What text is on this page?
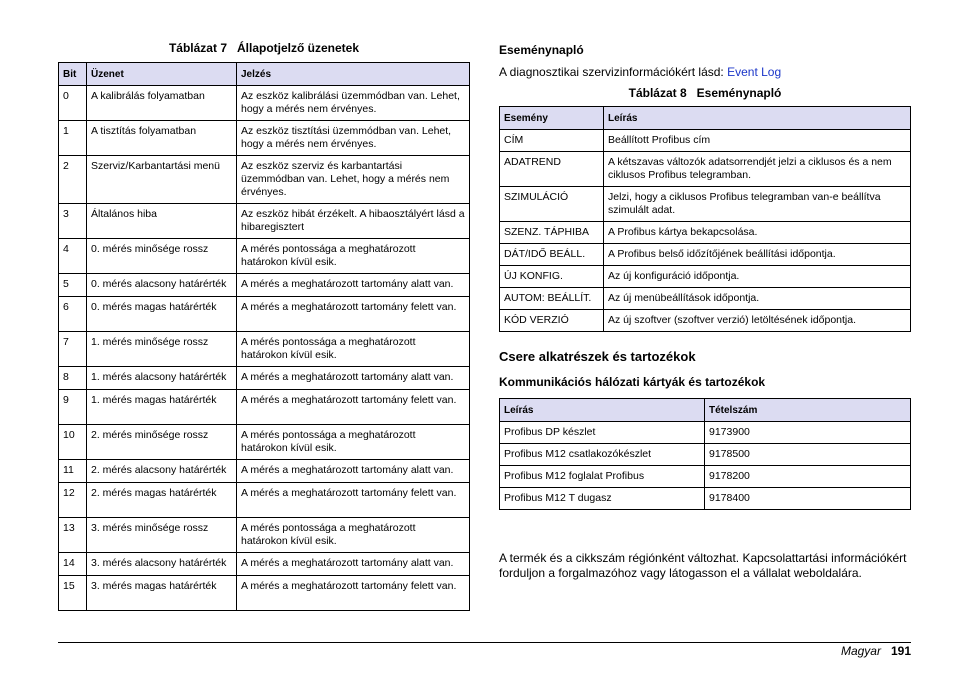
Táblázat 7   Állapotjelző üzenetek
Bit	Üzenet	Jelzés
0	A kalibrálás folyamatban	Az eszköz kalibrálási üzemmódban van. Lehet, hogy a mérés nem érvényes.
1	A tisztítás folyamatban	Az eszköz tisztítási üzemmódban van. Lehet, hogy a mérés nem érvényes.
2	Szerviz/Karbantartási menü	Az eszköz szerviz és karbantartási üzemmódban van. Lehet, hogy a mérés nem érvényes.
3	Általános hiba	Az eszköz hibát érzékelt. A hibaosztályért lásd a hibaregisztert
4	0. mérés minősége rossz	A mérés pontossága a meghatározott határokon kívül esik.
5	0. mérés alacsony határérték	A mérés a meghatározott tartomány alatt van.
6	0. mérés magas határérték	A mérés a meghatározott tartomány felett van.
7	1. mérés minősége rossz	A mérés pontossága a meghatározott határokon kívül esik.
8	1. mérés alacsony határérték	A mérés a meghatározott tartomány alatt van.
9	1. mérés magas határérték	A mérés a meghatározott tartomány felett van.
10	2. mérés minősége rossz	A mérés pontossága a meghatározott határokon kívül esik.
11	2. mérés alacsony határérték	A mérés a meghatározott tartomány alatt van.
12	2. mérés magas határérték	A mérés a meghatározott tartomány felett van.
13	3. mérés minősége rossz	A mérés pontossága a meghatározott határokon kívül esik.
14	3. mérés alacsony határérték	A mérés a meghatározott tartomány alatt van.
15	3. mérés magas határérték	A mérés a meghatározott tartomány felett van.
Eseménynapló
A diagnosztikai szervizinformációkért lásd: Event Log
Táblázat 8   Eseménynapló
Esemény	Leírás
CÍM	Beállított Profibus cím
ADATREND	A kétszavas változók adatsorrendjét jelzi a ciklusos és a nem ciklusos Profibus telegramban.
SZIMULÁCIÓ	Jelzi, hogy a ciklusos Profibus telegramban van-e beállítva szimulált adat.
SZENZ. TÁPHIBA	A Profibus kártya bekapcsolása.
DÁT/IDŐ BEÁLL.	A Profibus belső időzítőjének beállítási időpontja.
ÚJ KONFIG.	Az új konfiguráció időpontja.
AUTOM: BEÁLLÍT.	Az új menübeállítások időpontja.
KÓD VERZIÓ	Az új szoftver (szoftver verzió) letöltésének időpontja.
Csere alkatrészek és tartozékok
Kommunikációs hálózati kártyák és tartozékok
Leírás	Tételszám
Profibus DP készlet	9173900
Profibus M12 csatlakozókészlet	9178500
Profibus M12 foglalat Profibus	9178200
Profibus M12 T dugasz	9178400
A termék és a cikkszám régiónként változhat. Kapcsolattartási információkért forduljon a forgalmazóhoz vagy látogasson el a vállalat weboldalára.
Magyar 191
